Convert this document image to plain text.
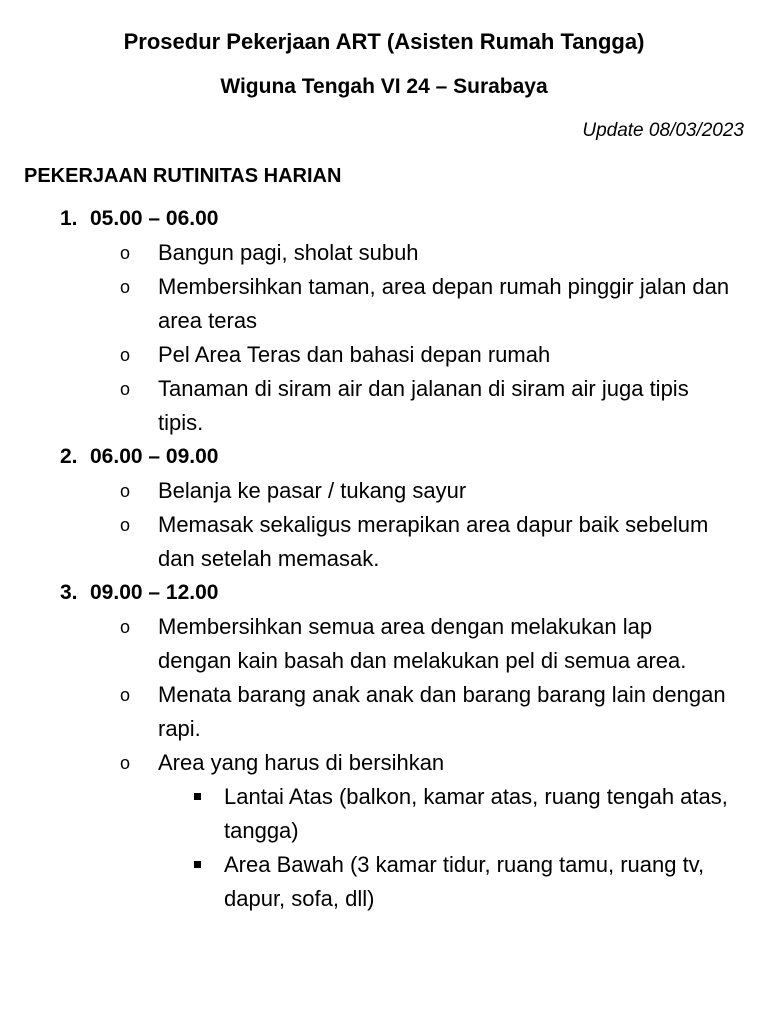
Prosedur Pekerjaan ART (Asisten Rumah Tangga)
Wiguna Tengah VI 24 – Surabaya

Update 08/03/2023

PEKERJAAN RUTINITAS HARIAN
1. 05.00 – 06.00
o	Bangun pagi, sholat subuh
o	Membersihkan taman, area depan rumah pinggir jalan dan area teras
o	Pel Area Teras dan bahasi depan rumah
o	Tanaman di siram air dan jalanan di siram air juga tipis tipis.
2. 06.00 – 09.00
o	Belanja ke pasar / tukang sayur
o	Memasak sekaligus merapikan area dapur baik sebelum dan setelah memasak.
3. 09.00 – 12.00
o	Membersihkan semua area dengan melakukan lap dengan kain basah dan melakukan pel di semua area.
o	Menata barang anak anak dan barang barang lain dengan rapi.
o	Area yang harus di bersihkan
Lantai Atas (balkon, kamar atas, ruang tengah atas, tangga)
Area Bawah (3 kamar tidur, ruang tamu, ruang tv, dapur, sofa, dll)
